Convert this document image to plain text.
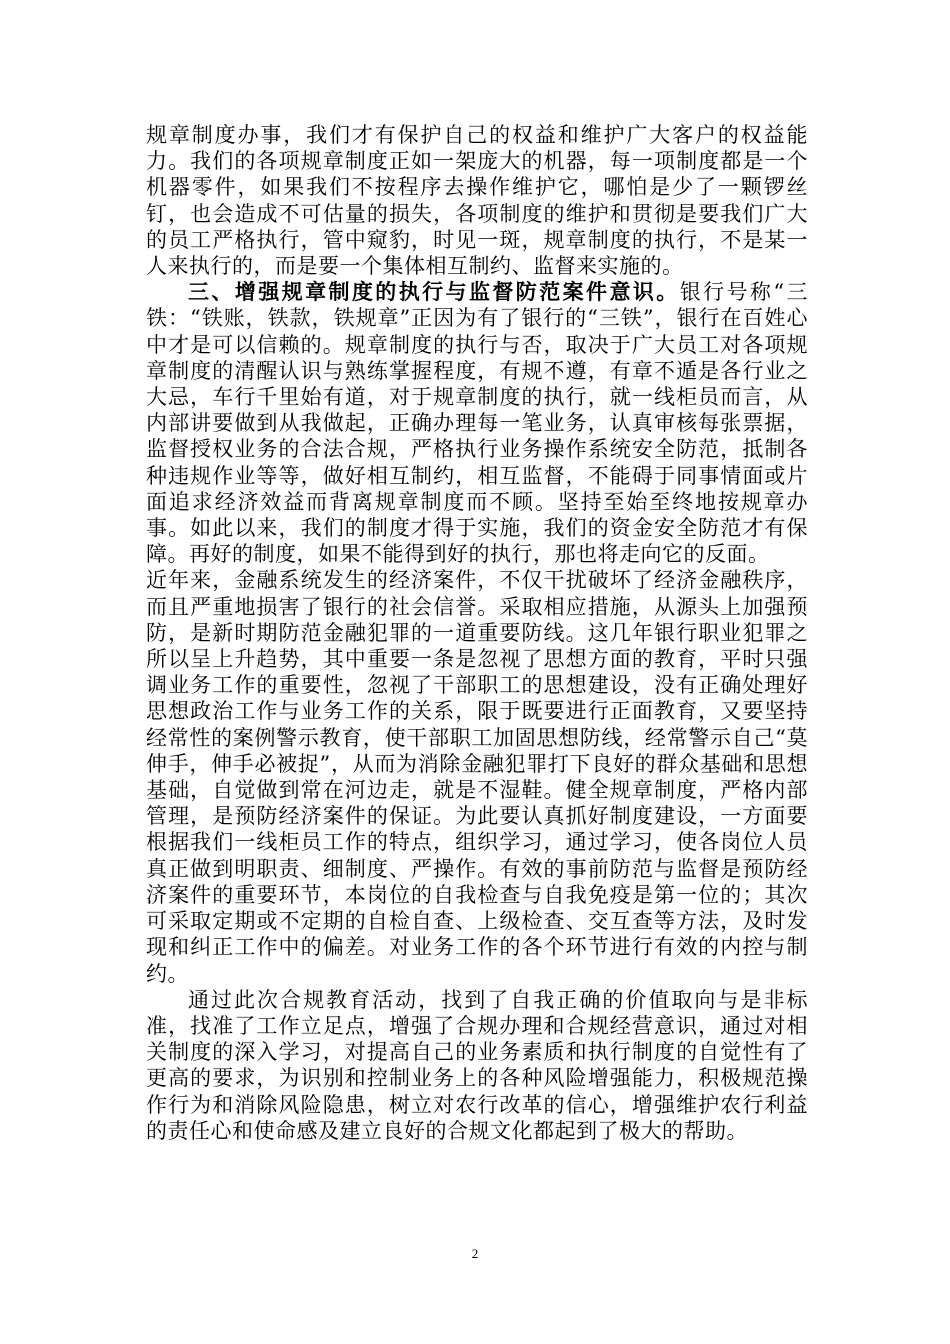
规章制度办事，我们才有保护自己的权益和维护广大客户的权益能力。我们的各项规章制度正如一架庞大的机器，每一项制度都是一个机器零件，如果我们不按程序去操作维护它，哪怕是少了一颗锣丝钉，也会造成不可估量的损失，各项制度的维护和贯彻是要我们广大的员工严格执行，管中窥豹，时见一斑，规章制度的执行，不是某一人来执行的，而是要一个集体相互制约、监督来实施的。

三、增强规章制度的执行与监督防范案件意识。银行号称“三铁：“铁账，铁款，铁规章”正因为有了银行的“三铁”，银行在百姓心中才是可以信赖的。规章制度的执行与否，取决于广大员工对各项规章制度的清醒认识与熟练掌握程度，有规不遵，有章不遁是各行业之大忌，车行千里始有道，对于规章制度的执行，就一线柜员而言，从内部讲要做到从我做起，正确办理每一笔业务，认真审核每张票据，监督授权业务的合法合规，严格执行业务操作系统安全防范，抵制各种违规作业等等，做好相互制约，相互监督，不能碍于同事情面或片面追求经济效益而背离规章制度而不顾。坚持至始至终地按规章办事。如此以来，我们的制度才得于实施，我们的资金安全防范才有保障。再好的制度，如果不能得到好的执行，那也将走向它的反面。

近年来，金融系统发生的经济案件，不仅干扰破坏了经济金融秩序，而且严重地损害了银行的社会信誉。采取相应措施，从源头上加强预防，是新时期防范金融犯罪的一道重要防线。这几年银行职业犯罪之所以呈上升趋势，其中重要一条是忽视了思想方面的教育，平时只强调业务工作的重要性，忽视了干部职工的思想建设，没有正确处理好思想政治工作与业务工作的关系，限于既要进行正面教育，又要坚持经常性的案例警示教育，使干部职工加固思想防线，经常警示自己“莫伸手，伸手必被捉”，从而为消除金融犯罪打下良好的群众基础和思想基础，自觉做到常在河边走，就是不湿鞋。健全规章制度，严格内部管理，是预防经济案件的保证。为此要认真抓好制度建设，一方面要根据我们一线柜员工作的特点，组织学习，通过学习，使各岗位人员真正做到明职责、细制度、严操作。有效的事前防范与监督是预防经济案件的重要环节，本岗位的自我检查与自我免疫是第一位的；其次可采取定期或不定期的自检自查、上级检查、交互查等方法，及时发现和纠正工作中的偏差。对业务工作的各个环节进行有效的内控与制约。

通过此次合规教育活动，找到了自我正确的价值取向与是非标准，找准了工作立足点，增强了合规办理和合规经营意识，通过对相关制度的深入学习，对提高自己的业务素质和执行制度的自觉性有了更高的要求，为识别和控制业务上的各种风险增强能力，积极规范操作行为和消除风险隐患，树立对农行改革的信心，增强维护农行利益的责任心和使命感及建立良好的合规文化都起到了极大的帮助。

2
